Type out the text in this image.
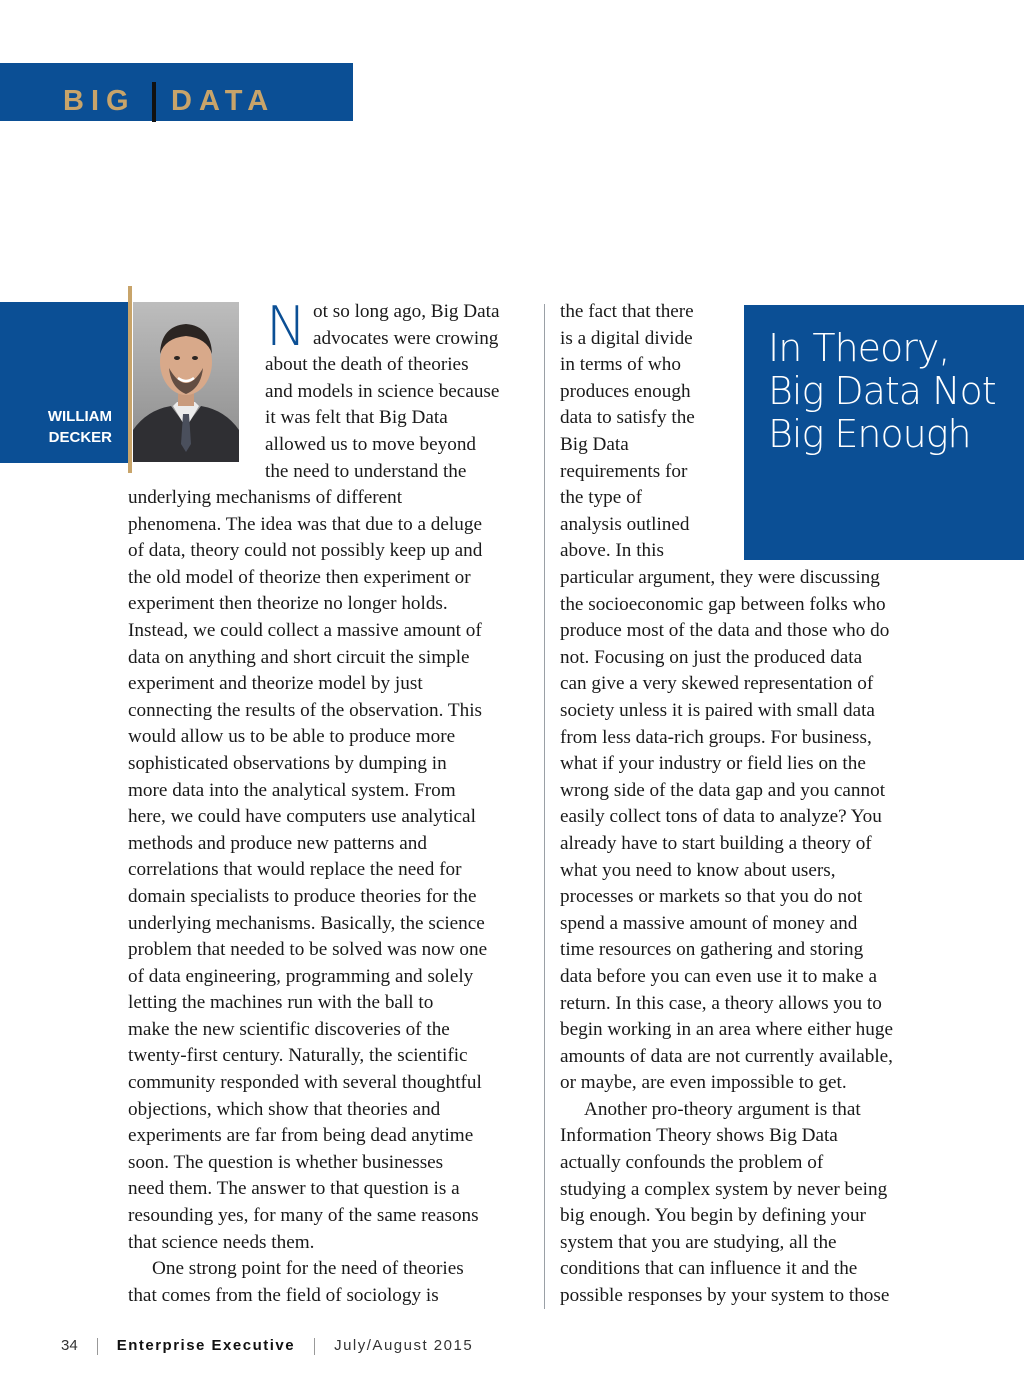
BIG DATA
WILLIAM
DECKER
In Theory,
Big Data Not
Big Enough
N ot so long ago, Big Data
advocates were crowing
about the death of theories
and models in science because
it was felt that Big Data
allowed us to move beyond
the need to understand the
underlying mechanisms of different
phenomena. The idea was that due to a deluge
of data, theory could not possibly keep up and
the old model of theorize then experiment or
experiment then theorize no longer holds.
Instead, we could collect a massive amount of
data on anything and short circuit the simple
experiment and theorize model by just
connecting the results of the observation. This
would allow us to be able to produce more
sophisticated observations by dumping in
more data into the analytical system. From
here, we could have computers use analytical
methods and produce new patterns and
correlations that would replace the need for
domain specialists to produce theories for the
underlying mechanisms. Basically, the science
problem that needed to be solved was now one
of data engineering, programming and solely
letting the machines run with the ball to
make the new scientific discoveries of the
twenty-first century. Naturally, the scientific
community responded with several thoughtful
objections, which show that theories and
experiments are far from being dead anytime
soon. The question is whether businesses
need them. The answer to that question is a
resounding yes, for many of the same reasons
that science needs them.
One strong point for the need of theories
that comes from the field of sociology is
the fact that there
is a digital divide
in terms of who
produces enough
data to satisfy the
Big Data
requirements for
the type of
analysis outlined
above. In this
particular argument, they were discussing
the socioeconomic gap between folks who
produce most of the data and those who do
not. Focusing on just the produced data
can give a very skewed representation of
society unless it is paired with small data
from less data-rich groups. For business,
what if your industry or field lies on the
wrong side of the data gap and you cannot
easily collect tons of data to analyze? You
already have to start building a theory of
what you need to know about users,
processes or markets so that you do not
spend a massive amount of money and
time resources on gathering and storing
data before you can even use it to make a
return. In this case, a theory allows you to
begin working in an area where either huge
amounts of data are not currently available,
or maybe, are even impossible to get.
Another pro-theory argument is that
Information Theory shows Big Data
actually confounds the problem of
studying a complex system by never being
big enough. You begin by defining your
system that you are studying, all the
conditions that can influence it and the
possible responses by your system to those
34	Enterprise Executive	July/August 2015
